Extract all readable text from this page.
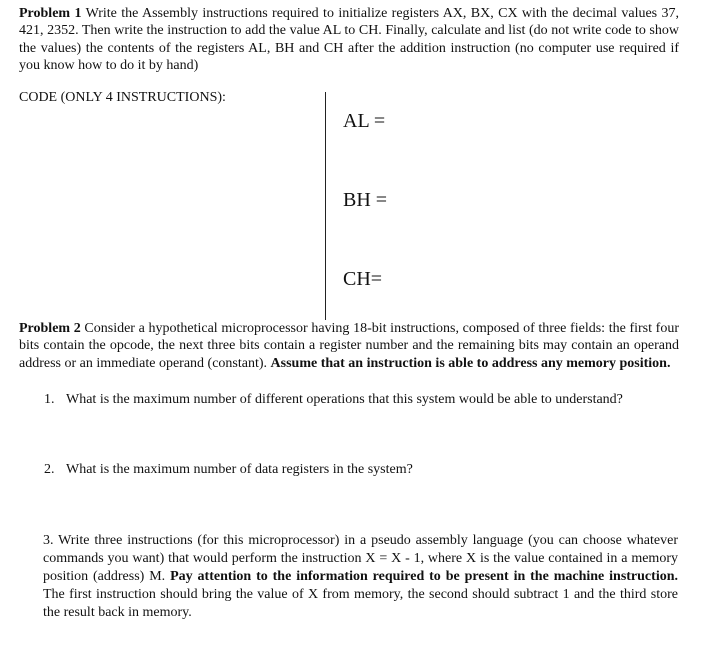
Problem 1 Write the Assembly instructions required to initialize registers AX, BX, CX with the decimal values 37, 421, 2352. Then write the instruction to add the value AL to CH. Finally, calculate and list (do not write code to show the values) the contents of the registers AL, BH and CH after the addition instruction (no computer use required if you know how to do it by hand)
CODE (ONLY 4 INSTRUCTIONS):
AL =
BH =
CH=
Problem 2 Consider a hypothetical microprocessor having 18-bit instructions, composed of three fields: the first four bits contain the opcode, the next three bits contain a register number and the remaining bits may contain an operand address or an immediate operand (constant). Assume that an instruction is able to address any memory position.
1. What is the maximum number of different operations that this system would be able to understand?
2. What is the maximum number of data registers in the system?
3. Write three instructions (for this microprocessor) in a pseudo assembly language (you can choose whatever commands you want) that would perform the instruction X = X - 1, where X is the value contained in a memory position (address) M. Pay attention to the information required to be present in the machine instruction. The first instruction should bring the value of X from memory, the second should subtract 1 and the third store the result back in memory.
